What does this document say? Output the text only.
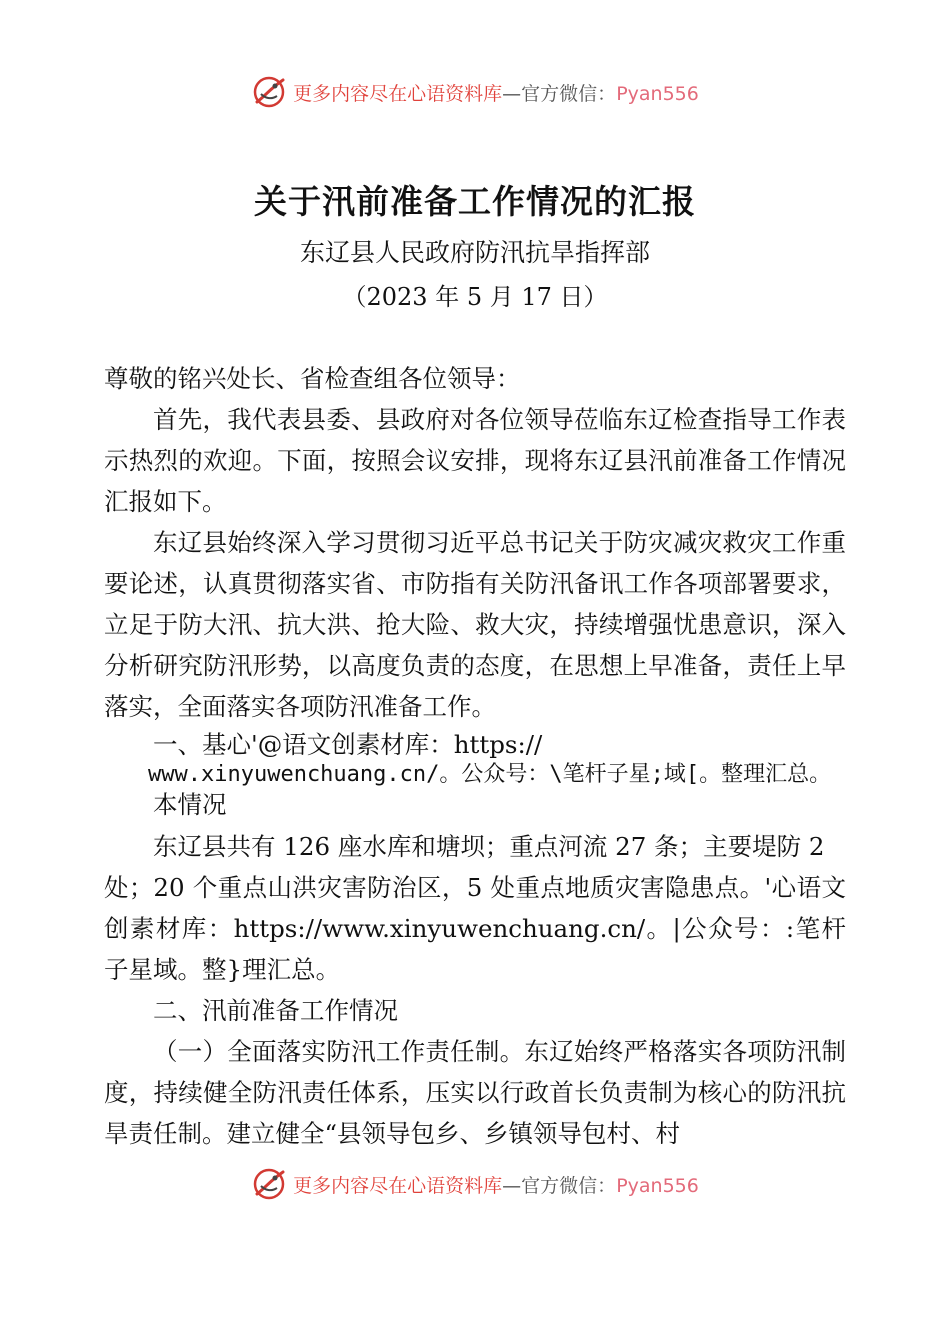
更多内容尽在心语资料库—官方微信：Pyan556
关于汛前准备工作情况的汇报
东辽县人民政府防汛抗旱指挥部
（2023 年 5 月 17 日）

尊敬的铭兴处长、省检查组各位领导：

首先，我代表县委、县政府对各位领导莅临东辽检查指导工作表示热烈的欢迎。下面，按照会议安排，现将东辽县汛前准备工作情况汇报如下。

东辽县始终深入学习贯彻习近平总书记关于防灾减灾救灾工作重要论述，认真贯彻落实省、市防指有关防汛备讯工作各项部署要求，立足于防大汛、抗大洪、抢大险、救大灾，持续增强忧患意识，深入分析研究防汛形势，以高度负责的态度，在思想上早准备，责任上早落实，全面落实各项防汛准备工作。

一、基心'@语文创素材库：https://

www.xinyuwenchuang.cn/。公众号：\笔杆子星;域[。整理汇总。

本情况

东辽县共有 126 座水库和塘坝；重点河流 27 条；主要堤防 2

处；20 个重点山洪灾害防治区，5 处重点地质灾害隐患点。'心语文创素材库：https://www.xinyuwenchuang.cn/。|公众号：:笔杆子星域。整}理汇总。

二、汛前准备工作情况

（一）全面落实防汛工作责任制。东辽始终严格落实各项防汛制度，持续健全防汛责任体系，压实以行政首长负责制为核心的防汛抗旱责任制。建立健全“县领导包乡、乡镇领导包村、村

更多内容尽在心语资料库—官方微信：Pyan556
